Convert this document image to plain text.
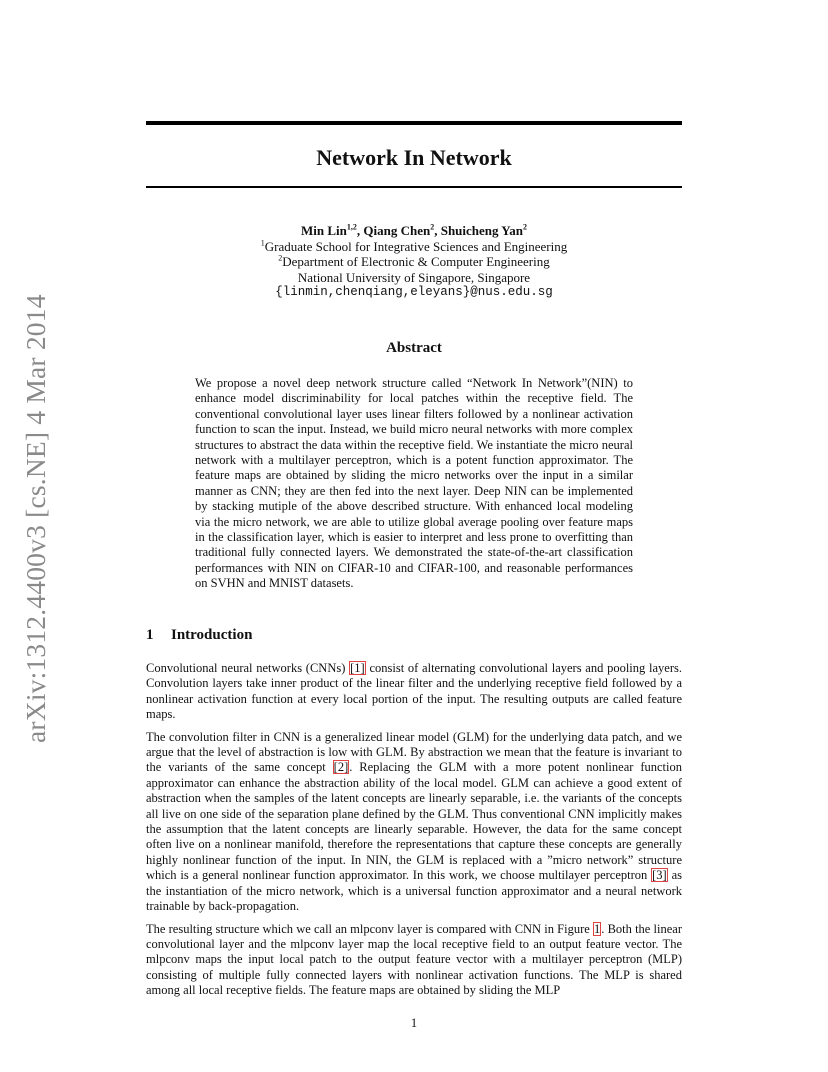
arXiv:1312.4400v3 [cs.NE] 4 Mar 2014
Network In Network
Min Lin$^{1,2}$, Qiang Chen$^2$, Shuicheng Yan$^2$
$^1$Graduate School for Integrative Sciences and Engineering
$^2$Department of Electronic & Computer Engineering
National University of Singapore, Singapore
{linmin,chenqiang,eleyans}@nus.edu.sg
Abstract
We propose a novel deep network structure called “Network In Network”(NIN) to enhance model discriminability for local patches within the receptive field. The conventional convolutional layer uses linear filters followed by a nonlinear activation function to scan the input. Instead, we build micro neural networks with more complex structures to abstract the data within the receptive field. We instantiate the micro neural network with a multilayer perceptron, which is a potent function approximator. The feature maps are obtained by sliding the micro networks over the input in a similar manner as CNN; they are then fed into the next layer. Deep NIN can be implemented by stacking mutiple of the above described structure. With enhanced local modeling via the micro network, we are able to utilize global average pooling over feature maps in the classification layer, which is easier to interpret and less prone to overfitting than traditional fully connected layers. We demonstrated the state-of-the-art classification performances with NIN on CIFAR-10 and CIFAR-100, and reasonable performances on SVHN and MNIST datasets.
1 Introduction

Convolutional neural networks (CNNs) [1] consist of alternating convolutional layers and pooling layers. Convolution layers take inner product of the linear filter and the underlying receptive field followed by a nonlinear activation function at every local portion of the input. The resulting outputs are called feature maps.

The convolution filter in CNN is a generalized linear model (GLM) for the underlying data patch, and we argue that the level of abstraction is low with GLM. By abstraction we mean that the feature is invariant to the variants of the same concept [2]. Replacing the GLM with a more potent nonlinear function approximator can enhance the abstraction ability of the local model. GLM can achieve a good extent of abstraction when the samples of the latent concepts are linearly separable, i.e. the variants of the concepts all live on one side of the separation plane defined by the GLM. Thus conventional CNN implicitly makes the assumption that the latent concepts are linearly separable. However, the data for the same concept often live on a nonlinear manifold, therefore the representations that capture these concepts are generally highly nonlinear function of the input. In NIN, the GLM is replaced with a ”micro network” structure which is a general nonlinear function approximator. In this work, we choose multilayer perceptron [3] as the instantiation of the micro network, which is a universal function approximator and a neural network trainable by back-propagation.

The resulting structure which we call an mlpconv layer is compared with CNN in Figure 1. Both the linear convolutional layer and the mlpconv layer map the local receptive field to an output feature vector. The mlpconv maps the input local patch to the output feature vector with a multilayer perceptron (MLP) consisting of multiple fully connected layers with nonlinear activation functions. The MLP is shared among all local receptive fields. The feature maps are obtained by sliding the MLP

1
